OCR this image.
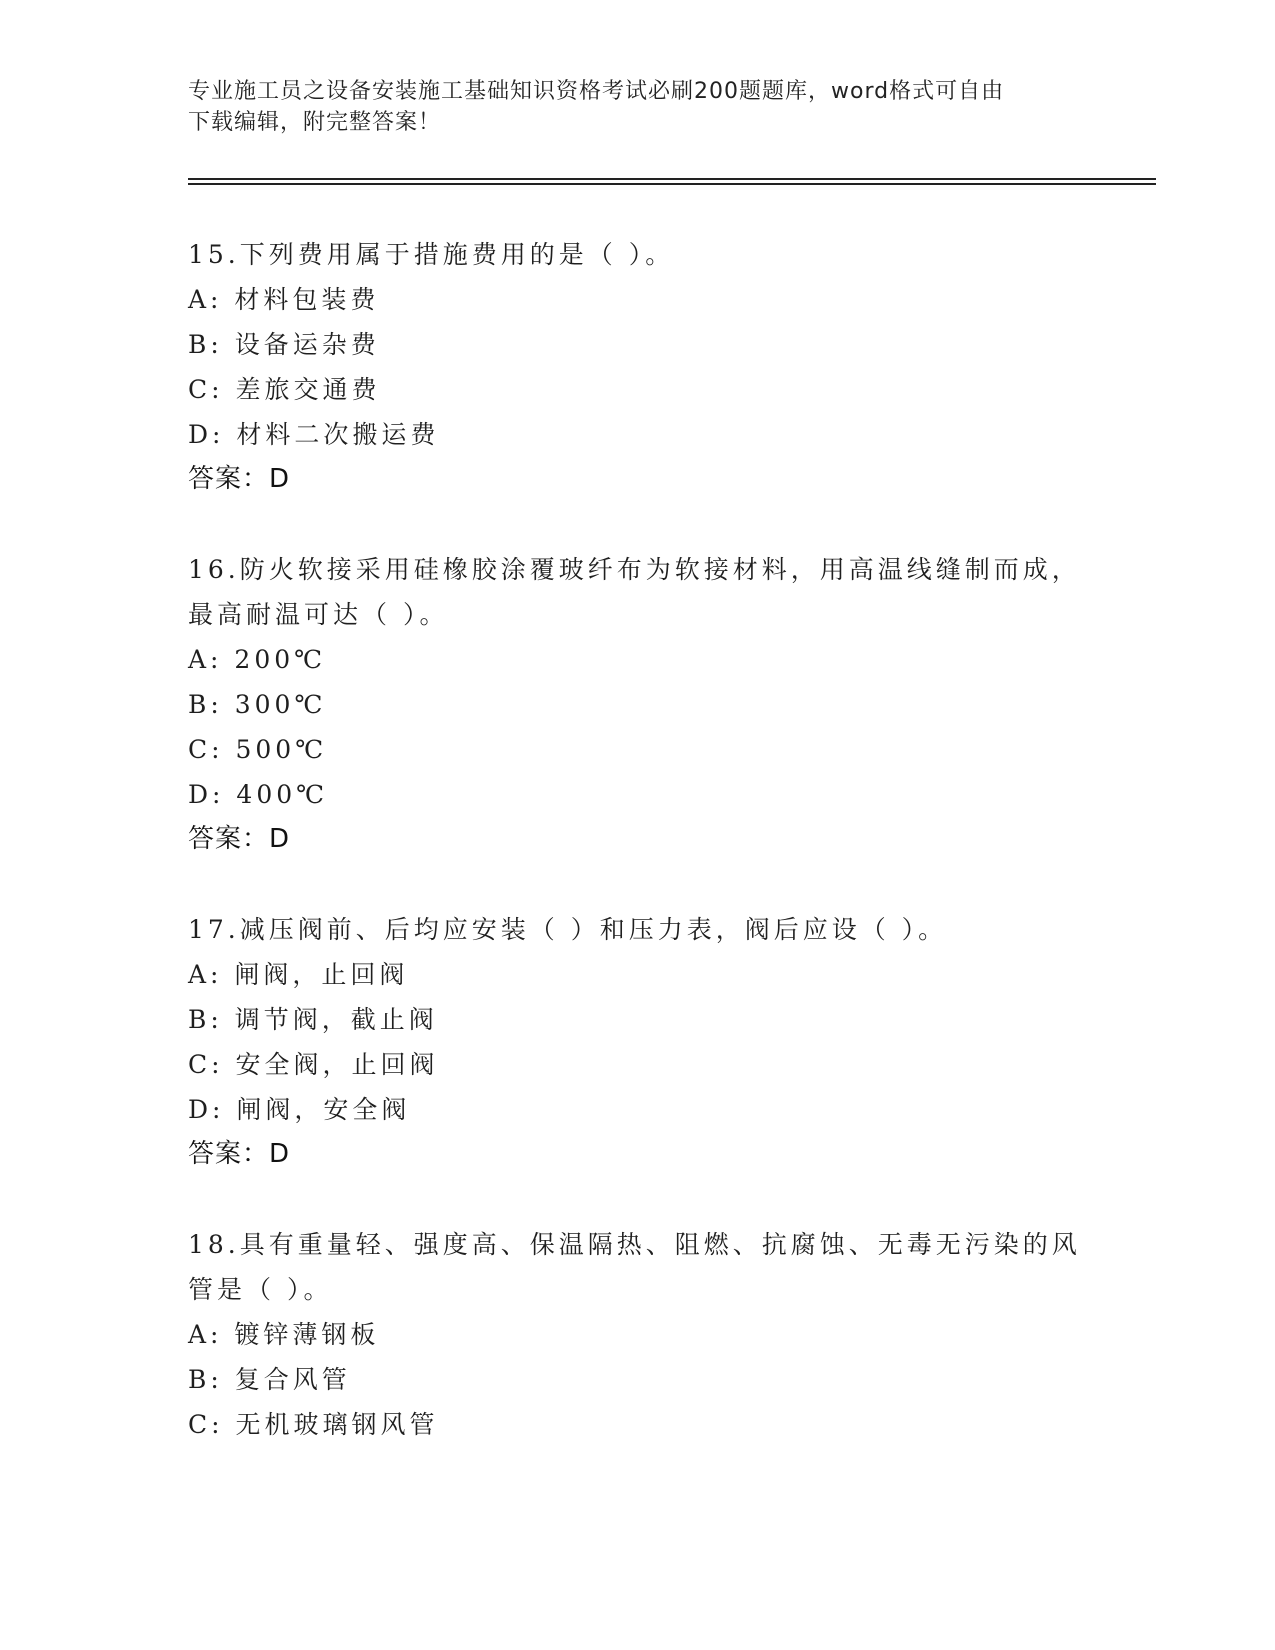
专业施工员之设备安装施工基础知识资格考试必刷200题题库，word格式可自由
下载编辑，附完整答案！
15.下列费用属于措施费用的是（ ）。
A: 材料包装费
B: 设备运杂费
C: 差旅交通费
D: 材料二次搬运费
答案：D
16.防火软接采用硅橡胶涂覆玻纤布为软接材料，用高温线缝制而成，
最高耐温可达（ ）。
A: 200℃
B: 300℃
C: 500℃
D: 400℃
答案：D
17.减压阀前、后均应安装（ ）和压力表，阀后应设（ ）。
A: 闸阀，止回阀
B: 调节阀，截止阀
C: 安全阀，止回阀
D: 闸阀，安全阀
答案：D
18.具有重量轻、强度高、保温隔热、阻燃、抗腐蚀、无毒无污染的风
管是（ ）。
A: 镀锌薄钢板
B: 复合风管
C: 无机玻璃钢风管
